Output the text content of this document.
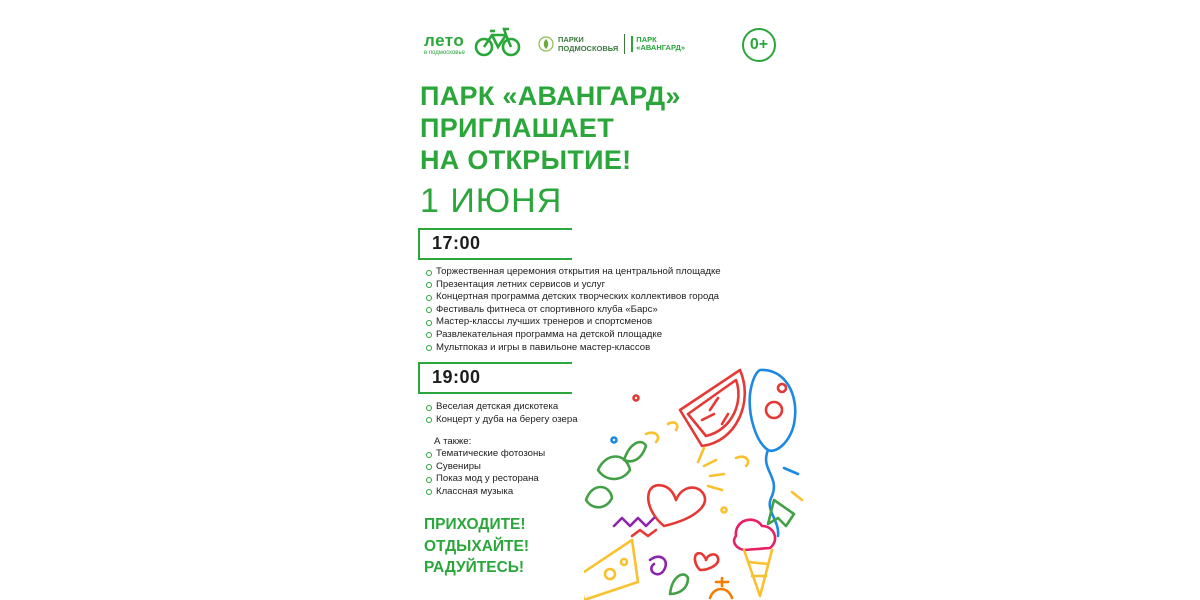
лето
в подмосковье
ПАРКИ
ПОДМОСКОВЬЯ
ПАРК
«АВАНГАРД»	0+
ПАРК «АВАНГАРД»
ПРИГЛАШАЕТ
НА ОТКРЫТИЕ!
1 ИЮНЯ
17:00
Торжественная церемония открытия на центральной площадке
Презентация летних сервисов и услуг
Концертная программа детских творческих коллективов города
Фестиваль фитнеса от спортивного клуба «Барс»
Мастер-классы лучших тренеров и спортсменов
Развлекательная программа на детской площадке
Мультпоказ и игры в павильоне мастер-классов
19:00
Веселая детская дискотека
Концерт у дуба на берегу озера
А также:
Тематические фотозоны
Сувениры
Показ мод у ресторана
Классная музыка
ПРИХОДИТЕ!
ОТДЫХАЙТЕ!
РАДУЙТЕСЬ!
